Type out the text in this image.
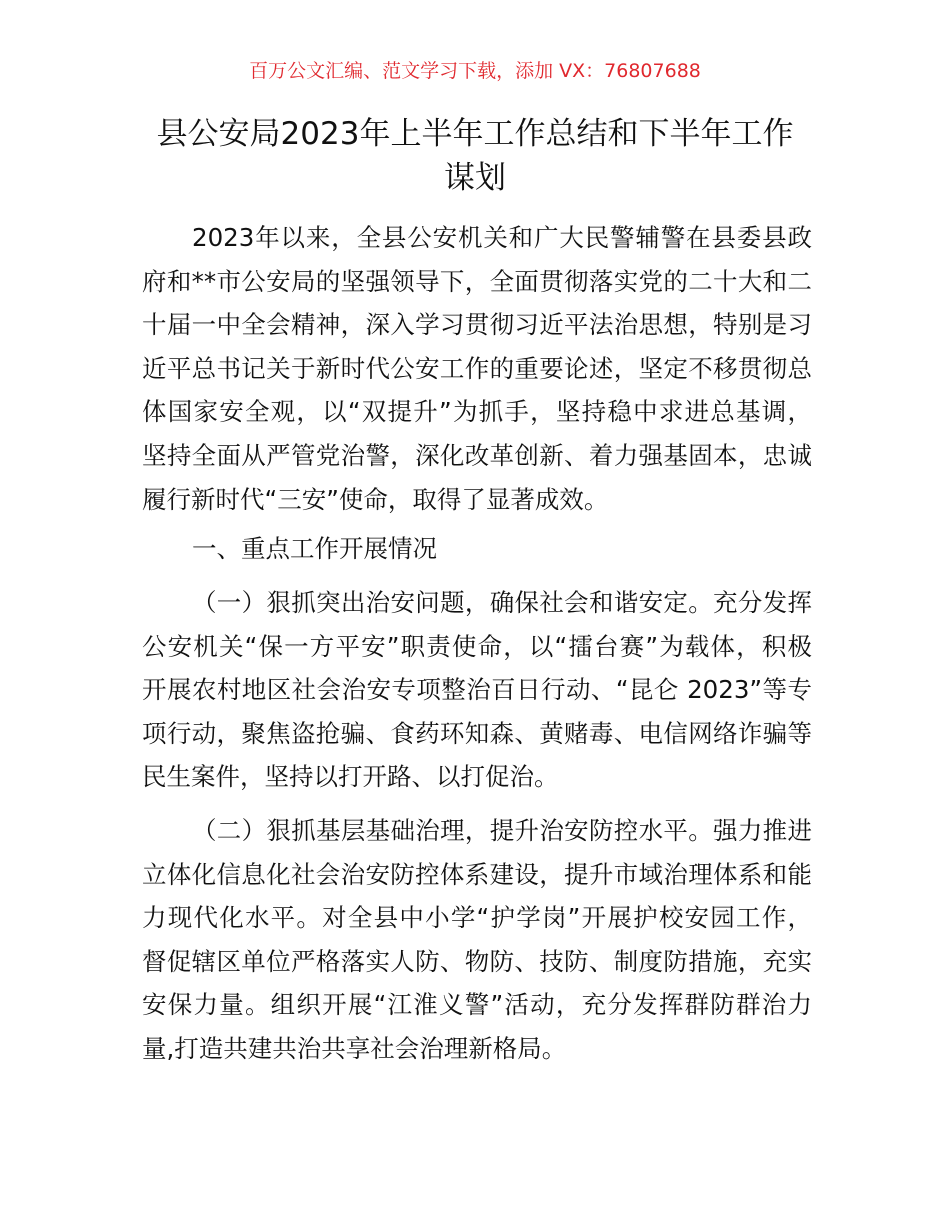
百万公文汇编、范文学习下载，添加 VX：76807688
县公安局2023年上半年工作总结和下半年工作
谋划
2023年以来，全县公安机关和广大民警辅警在县委县政
府和**市公安局的坚强领导下，全面贯彻落实党的二十大和二
十届一中全会精神，深入学习贯彻习近平法治思想，特别是习
近平总书记关于新时代公安工作的重要论述，坚定不移贯彻总
体国家安全观，以“双提升”为抓手，坚持稳中求进总基调，
坚持全面从严管党治警，深化改革创新、着力强基固本，忠诚
履行新时代“三安”使命，取得了显著成效。
一、重点工作开展情况
（一）狠抓突出治安问题，确保社会和谐安定。充分发挥
公安机关“保一方平安”职责使命，以“擂台赛”为载体，积极
开展农村地区社会治安专项整治百日行动、“昆仑 2023”等专
项行动，聚焦盗抢骗、食药环知森、黄赌毒、电信网络诈骗等
民生案件，坚持以打开路、以打促治。
（二）狠抓基层基础治理，提升治安防控水平。强力推进
立体化信息化社会治安防控体系建设，提升市域治理体系和能
力现代化水平。对全县中小学“护学岗”开展护校安园工作，
督促辖区单位严格落实人防、物防、技防、制度防措施，充实
安保力量。组织开展“江淮义警”活动，充分发挥群防群治力
量,打造共建共治共享社会治理新格局。
